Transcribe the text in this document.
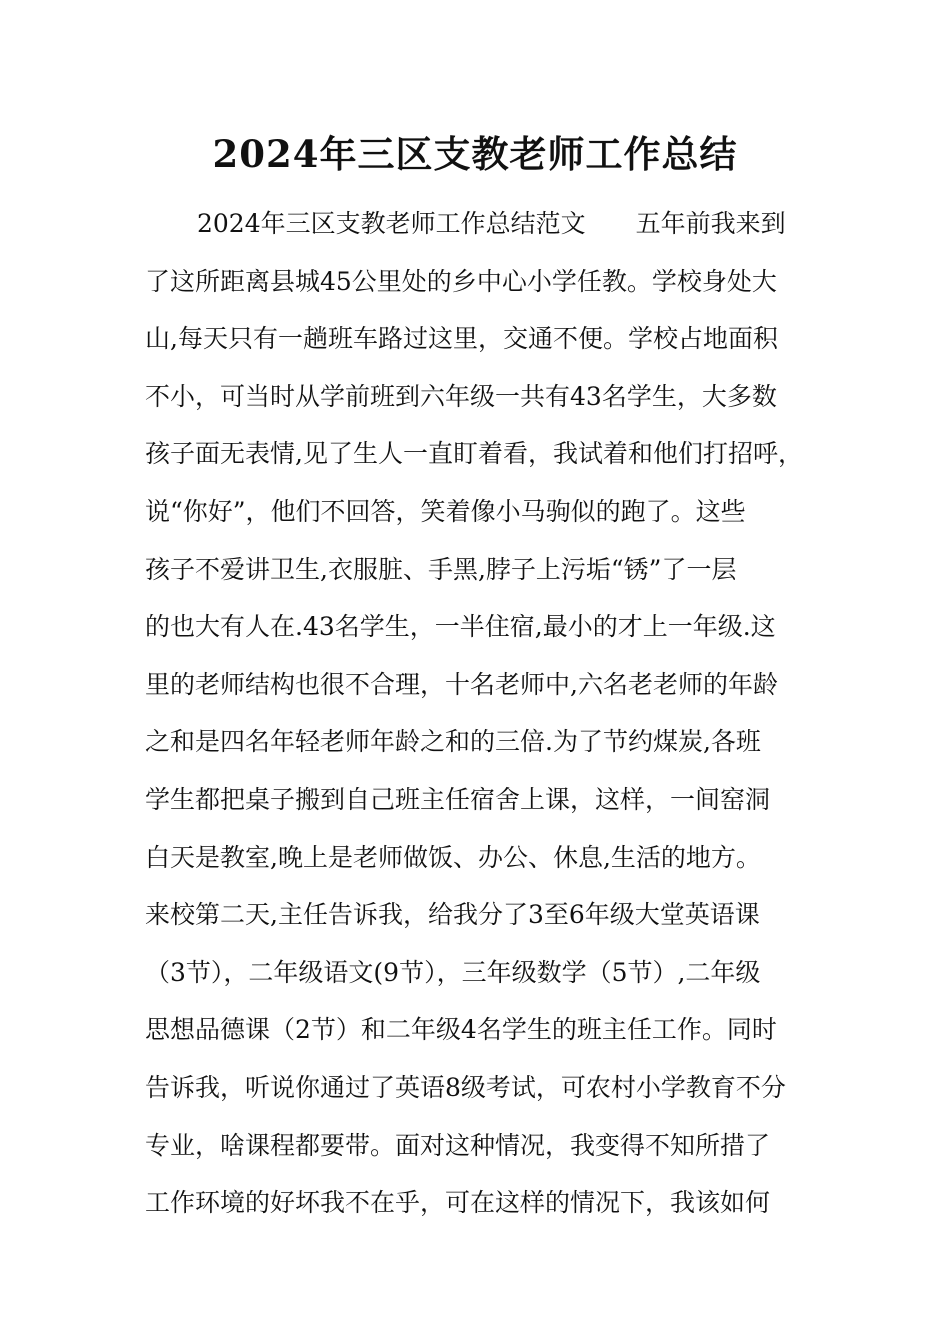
2024年三区支教老师工作总结
2024年三区支教老师工作总结范文　　五年前我来到
了这所距离县城45公里处的乡中心小学任教。学校身处大
山,每天只有一趟班车路过这里，交通不便。学校占地面积
不小，可当时从学前班到六年级一共有43名学生，大多数
孩子面无表情,见了生人一直盯着看，我试着和他们打招呼，
说“你好”，他们不回答，笑着像小马驹似的跑了。这些
孩子不爱讲卫生,衣服脏、手黑,脖子上污垢“锈”了一层
的也大有人在.43名学生，一半住宿,最小的才上一年级.这
里的老师结构也很不合理，十名老师中,六名老老师的年龄
之和是四名年轻老师年龄之和的三倍.为了节约煤炭,各班
学生都把桌子搬到自己班主任宿舍上课，这样，一间窑洞
白天是教室,晚上是老师做饭、办公、休息,生活的地方。
来校第二天,主任告诉我，给我分了3至6年级大堂英语课
（3节），二年级语文(9节），三年级数学（5节）,二年级
思想品德课（2节）和二年级4名学生的班主任工作。同时
告诉我，听说你通过了英语8级考试，可农村小学教育不分
专业，啥课程都要带。面对这种情况，我变得不知所措了
工作环境的好坏我不在乎，可在这样的情况下，我该如何
